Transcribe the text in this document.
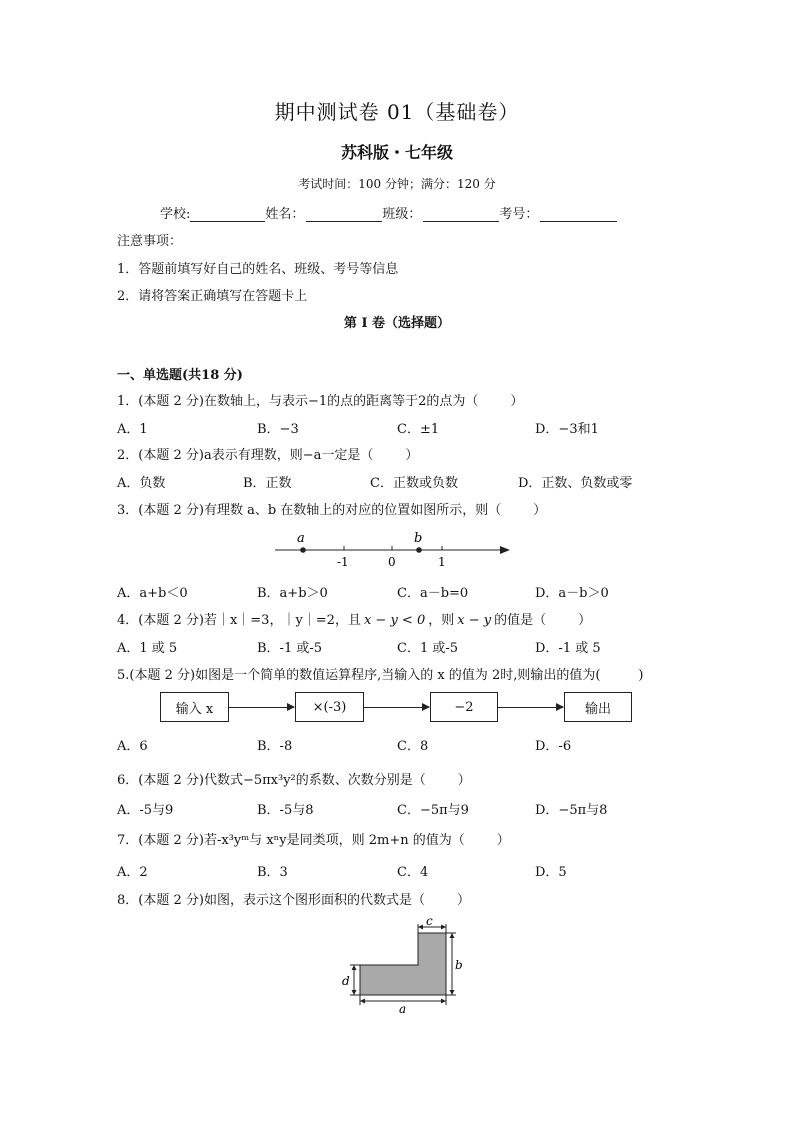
期中测试卷 01（基础卷）
苏科版・七年级
考试时间：100 分钟；满分：120 分
学校:	姓名：	班级：	考号：
注意事项：
1．答题前填写好自己的姓名、班级、考号等信息
2．请将答案正确填写在答题卡上
第 I 卷（选择题）
一、单选题(共18 分)
1．(本题 2 分)在数轴上，与表示−1的点的距离等于2的点为（ ）
A．1	B．−3	C．±1	D．−3和1
2．(本题 2 分)a表示有理数，则−a一定是（ ）
A．负数	B．正数	C．正数或负数	D．正数、负数或零
3．(本题 2 分)有理数 a、b 在数轴上的对应的位置如图所示，则（ ）
a	b
-1	0	1
A．a+b＜0	B．a+b＞0	C．a－b=0	D．a－b＞0
4．(本题 2 分)若｜x｜=3，｜y｜=2，且 x − y < 0 ，则 x − y 的值是（ ）
A．1 或 5	B．-1 或-5	C．1 或-5	D．-1 或 5
5.(本题 2 分)如图是一个简单的数值运算程序,当输入的 x 的值为 2时,则输出的值为(	)
输入 x	×(-3)	−2	输出
A．6	B．-8	C．8	D．-6
6．(本题 2 分)代数式−5πx³y²的系数、次数分别是（ ）
A．-5与9	B．-5与8	C．−5π与9	D．−5π与8
7．(本题 2 分)若-x³yᵐ与 xⁿy是同类项，则 2m+n 的值为（ ）
A．2	B．3	C．4	D．5
8．(本题 2 分)如图，表示这个图形面积的代数式是（ ）
c
b
d
a
